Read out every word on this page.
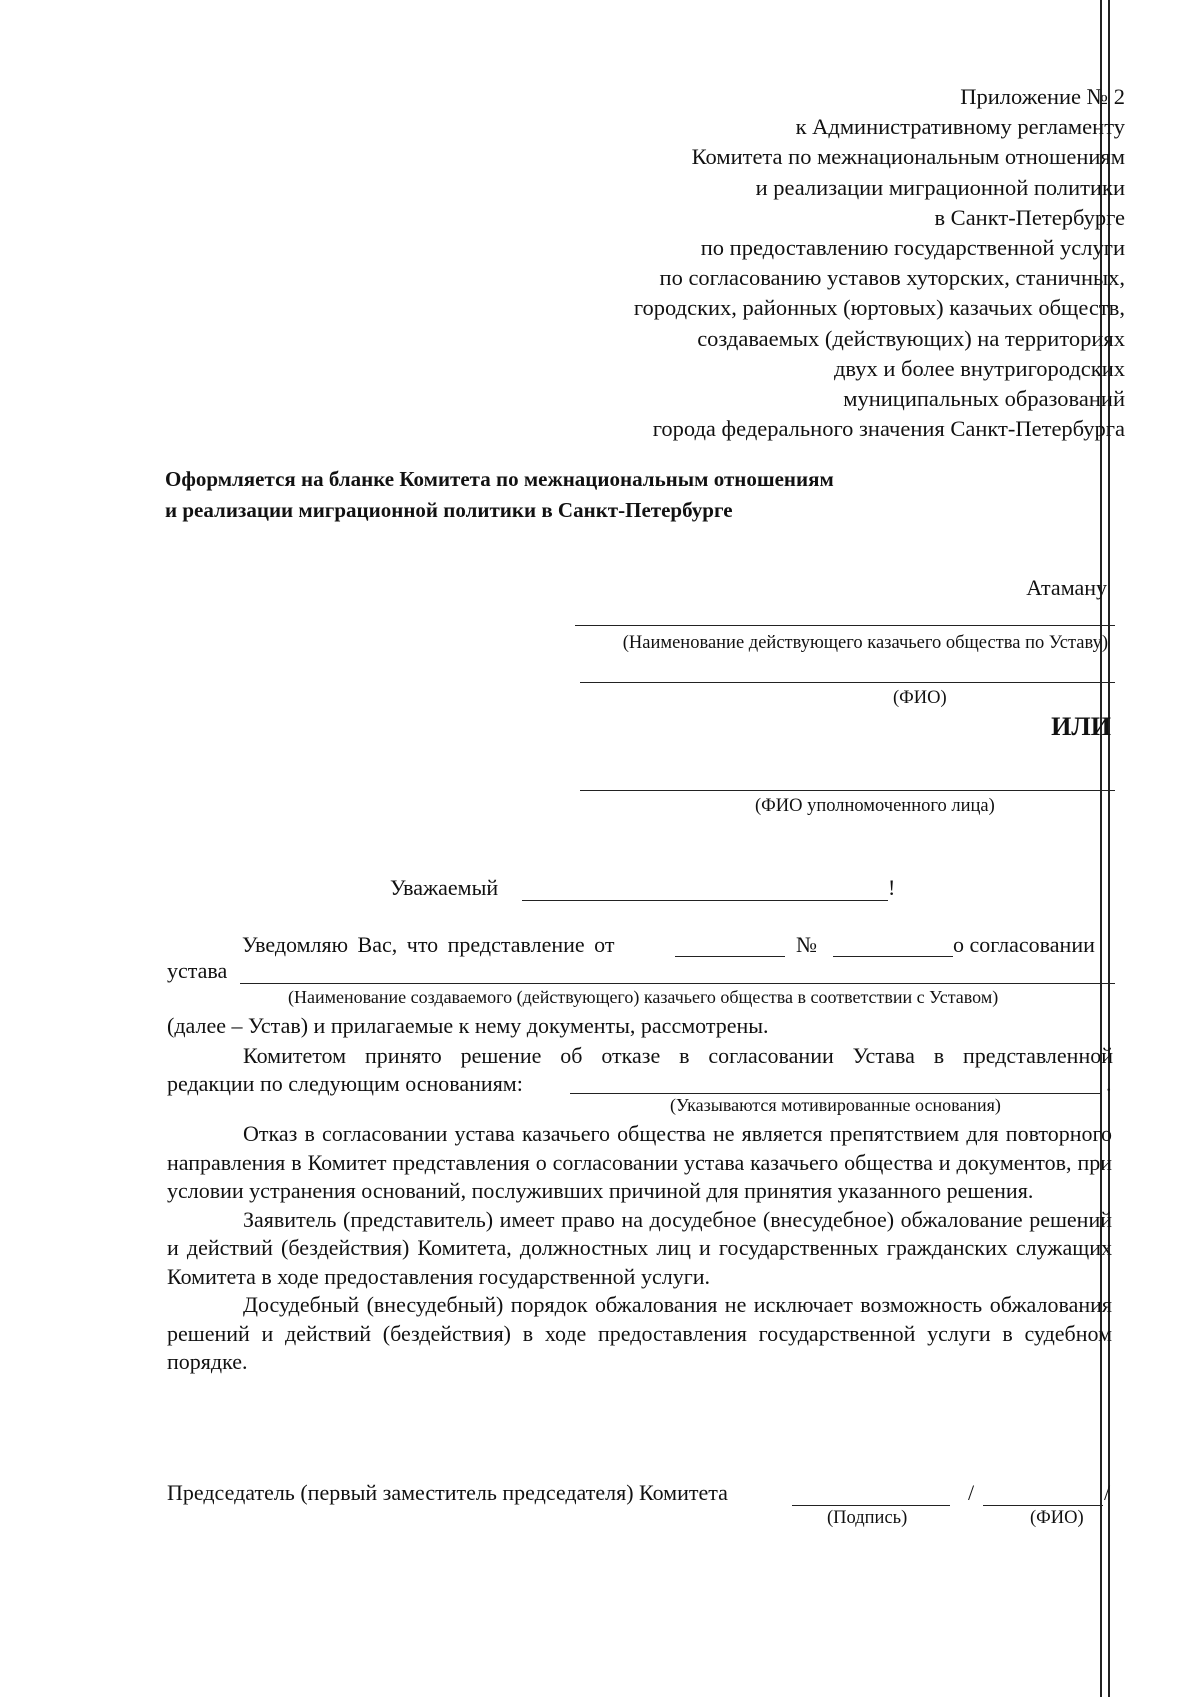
Приложение № 2
к Административному регламенту
Комитета по межнациональным отношениям
и реализации миграционной политики
в Санкт-Петербурге
по предоставлению государственной услуги
по согласованию уставов хуторских, станичных,
городских, районных (юртовых) казачьих обществ,
создаваемых (действующих) на территориях
двух и более внутригородских
муниципальных образований
города федерального значения Санкт-Петербурга
Оформляется на бланке Комитета по межнациональным отношениям
и реализации миграционной политики в Санкт-Петербурге
Атаману
(Наименование действующего казачьего общества по Уставу)
(ФИО)
ИЛИ
(ФИО уполномоченного лица)
Уважаемый	!
Уведомляю Вас, что представление от	№	о согласовании
устава
(Наименование создаваемого (действующего) казачьего общества в соответствии с Уставом)
(далее – Устав) и прилагаемые к нему документы, рассмотрены.
Комитетом принято решение об отказе в согласовании Устава в представленной
редакции по следующим основаниям:	.
(Указываются мотивированные основания)
Отказ в согласовании устава казачьего общества не является препятствием для повторного направления в Комитет представления о согласовании устава казачьего общества и документов, при условии устранения оснований, послуживших причиной для принятия указанного решения.
Заявитель (представитель) имеет право на досудебное (внесудебное) обжалование решений и действий (бездействия) Комитета, должностных лиц и государственных гражданских служащих Комитета в ходе предоставления государственной услуги.
Досудебный (внесудебный) порядок обжалования не исключает возможность обжалования решений и действий (бездействия) в ходе предоставления государственной услуги в судебном порядке.
Председатель (первый заместитель председателя) Комитета	/	/
(Подпись)	(ФИО)
